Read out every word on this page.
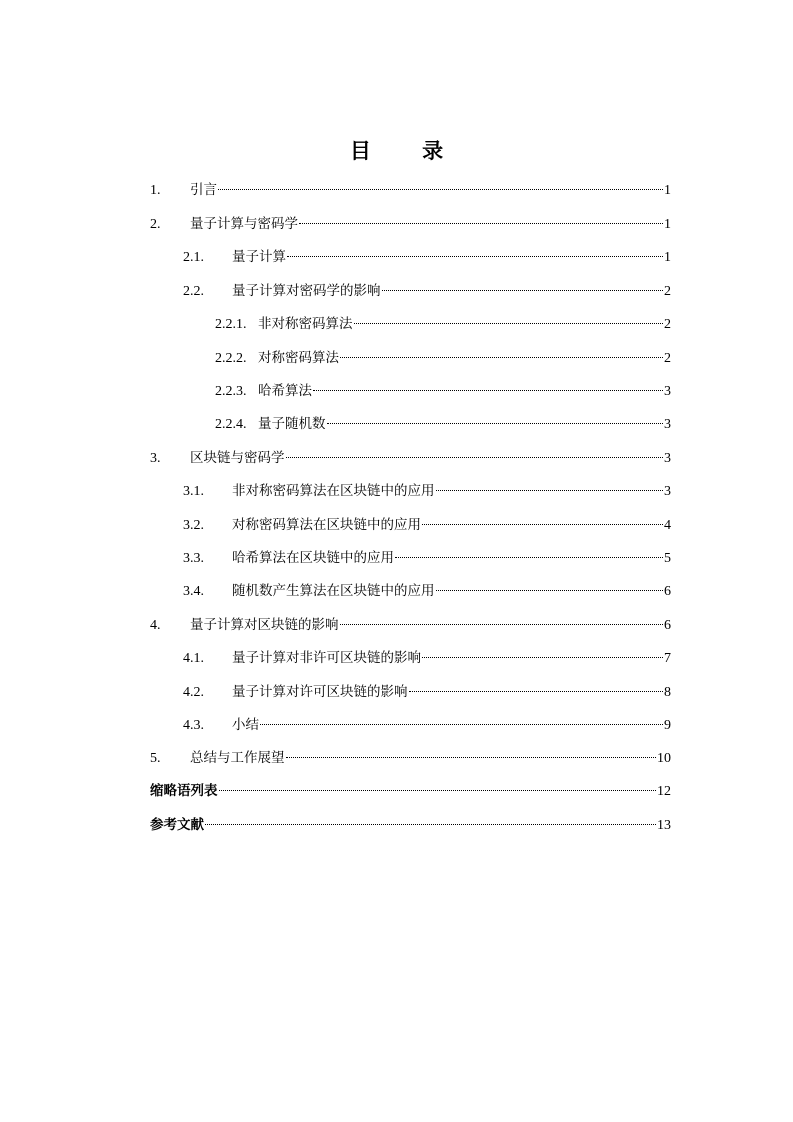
目 录
1.	引言	1
2.	量子计算与密码学	1
2.1.	量子计算	1
2.2.	量子计算对密码学的影响	2
2.2.1. 非对称密码算法	2
2.2.2. 对称密码算法	2
2.2.3. 哈希算法	3
2.2.4. 量子随机数	3
3.	区块链与密码学	3
3.1.	非对称密码算法在区块链中的应用	3
3.2.	对称密码算法在区块链中的应用	4
3.3.	哈希算法在区块链中的应用	5
3.4.	随机数产生算法在区块链中的应用	6
4.	量子计算对区块链的影响	6
4.1.	量子计算对非许可区块链的影响	7
4.2.	量子计算对许可区块链的影响	8
4.3.	小结	9
5.	总结与工作展望	10
缩略语列表	12
参考文献	13
